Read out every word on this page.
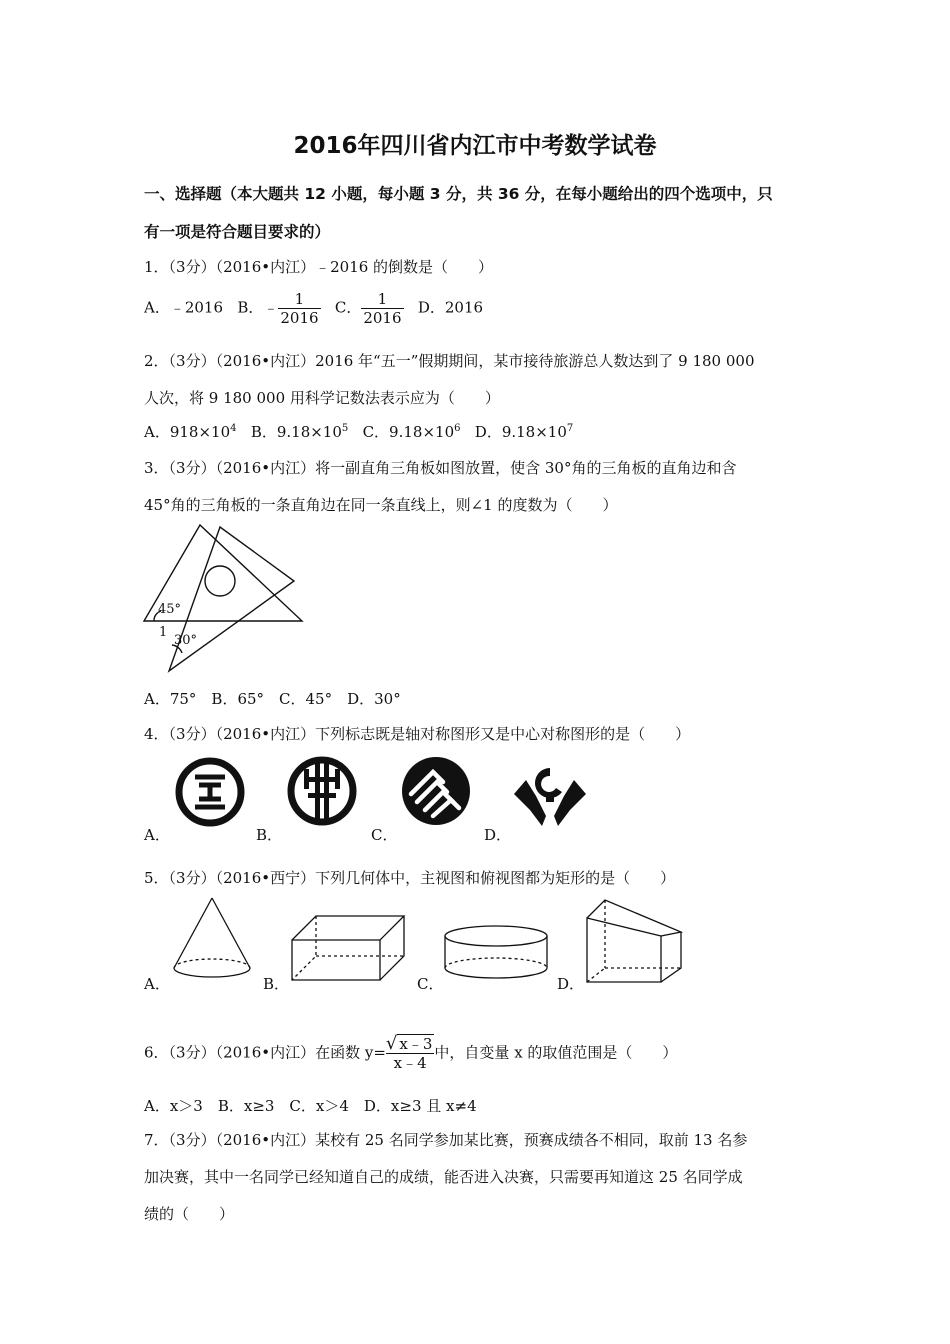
2016年四川省内江市中考数学试卷
一、选择题（本大题共 12 小题，每小题 3 分，共 36 分，在每小题给出的四个选项中，只
有一项是符合题目要求的）
1．（3分）（2016•内江）﹣2016 的倒数是（　　）
A．﹣2016 B．﹣ $\frac{1}{2016}$ C． $\frac{1}{2016}$ D．2016
2．（3分）（2016•内江）2016 年“五一”假期期间，某市接待旅游总人数达到了 9 180 000
人次，将 9 180 000 用科学记数法表示应为（　　）
A．$918\times 10^4$ B．$9.18\times 10^5$ C．$9.18\times 10^6$ D．$9.18\times 10^7$
3．（3分）（2016•内江）将一副直角三角板如图放置，使含 30°角的三角板的直角边和含
45°角的三角板的一条直角边在同一条直线上，则∠1 的度数为（　　）
45°
1
30°
A．75°　B．65°　C．45°　D．30°
4．（3分）（2016•内江）下列标志既是轴对称图形又是中心对称图形的是（　　）
A．	B．	C．	D．
5．（3分）（2016•西宁）下列几何体中，主视图和俯视图都为矩形的是（　　）
A．	B．	C．	D．
6．（3分）（2016•内江）在函数 $y= \frac{√ x﹣3}{x﹣4}$ 中，自变量 x 的取值范围是（　　）
A．x＞3　B．x≥3　C．x＞4　D．x≥3 且 x≠4
7．（3分）（2016•内江）某校有 25 名同学参加某比赛，预赛成绩各不相同，取前 13 名参
加决赛，其中一名同学已经知道自己的成绩，能否进入决赛，只需要再知道这 25 名同学成
绩的（　　）
